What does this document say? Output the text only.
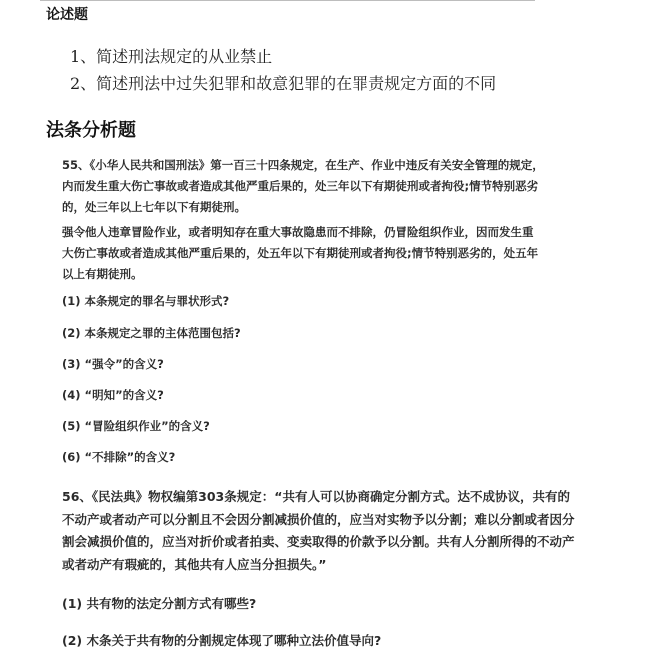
论述题
1、简述刑法规定的从业禁止
2、简述刑法中过失犯罪和故意犯罪的在罪责规定方面的不同
法条分析题
55、《小华人民共和国刑法》第一百三十四条规定，在生产、作业中违反有关安全管理的规定，
内而发生重大伤亡事故或者造成其他严重后果的，处三年以下有期徒刑或者拘役;情节特别恶劣
的，处三年以上七年以下有期徒刑。
强令他人违章冒险作业，或者明知存在重大事故隐患而不排除，仍冒险组织作业，因而发生重
大伤亡事故或者造成其他严重后果的，处五年以下有期徒刑或者拘役;情节特别恶劣的，处五年
以上有期徒刑。
(1) 本条规定的罪名与罪状形式?
(2) 本条规定之罪的主体范围包括?
(3) “强令”的含义?
(4) “明知”的含义?
(5) “冒险组织作业”的含义?
(6) “不排除”的含义?
56、《民法典》物权编第303条规定：“共有人可以协商确定分割方式。达不成协议，共有的
不动产或者动产可以分割且不会因分割减损价值的，应当对实物予以分割；难以分割或者因分
割会减损价值的，应当对折价或者拍卖、变卖取得的价款予以分割。共有人分割所得的不动产
或者动产有瑕疵的，其他共有人应当分担损失。”
(1) 共有物的法定分割方式有哪些?
(2) 木条关于共有物的分割规定体现了哪种立法价值导向?
